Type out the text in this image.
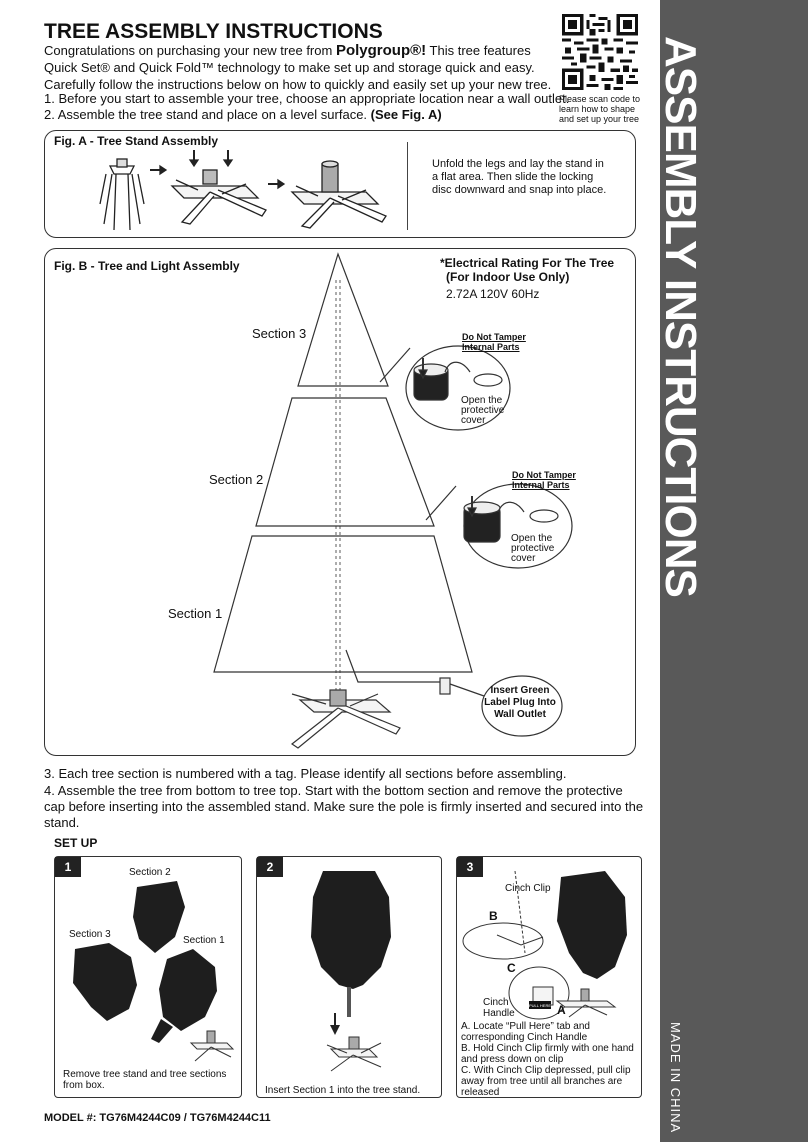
ASSEMBLY INSTRUCTIONS
MADE IN CHINA
TREE ASSEMBLY INSTRUCTIONS

Congratulations on purchasing your new tree from Polygroup®! This tree features Quick Set® and Quick Fold™ technology to make set up and storage quick and easy. Carefully follow the instructions below on how to quickly and easily set up your new tree.

1. Before you start to assemble your tree, choose an appropriate location near a wall outlet.
2. Assemble the tree stand and place on a level surface. (See Fig. A)
Please scan code to learn how to shape and set up your tree
Fig. A - Tree Stand Assembly
Unfold the legs and lay the stand in a flat area. Then slide the locking disc downward and snap into place.
Fig. B - Tree and Light Assembly	*Electrical Rating For The Tree
(For Indoor Use Only)
2.72A 120V 60Hz
Section 3
Section 2
Section 1
Do Not Tamper Internal Parts
Open the protective cover
Do Not Tamper Internal Parts
Open the protective cover
Insert Green Label Plug Into Wall Outlet
3. Each tree section is numbered with a tag. Please identify all sections before assembling.
4. Assemble the tree from bottom to tree top. Start with the bottom section and remove the protective cap before inserting into the assembled stand. Make sure the pole is firmly inserted and secured into the stand.
SET UP
1	Section 2
Section 3
Section 1
Remove tree stand and tree sections from box.
2
Insert Section 1 into the tree stand.
3
PULL HERE
Cinch Clip
B
C
A
Cinch Handle
A. Locate “Pull Here” tab and corresponding Cinch Handle
B. Hold Cinch Clip firmly with one hand and press down on clip
C. With Cinch Clip depressed, pull clip away from tree until all branches are released
MODEL #: TG76M4244C09 / TG76M4244C11
